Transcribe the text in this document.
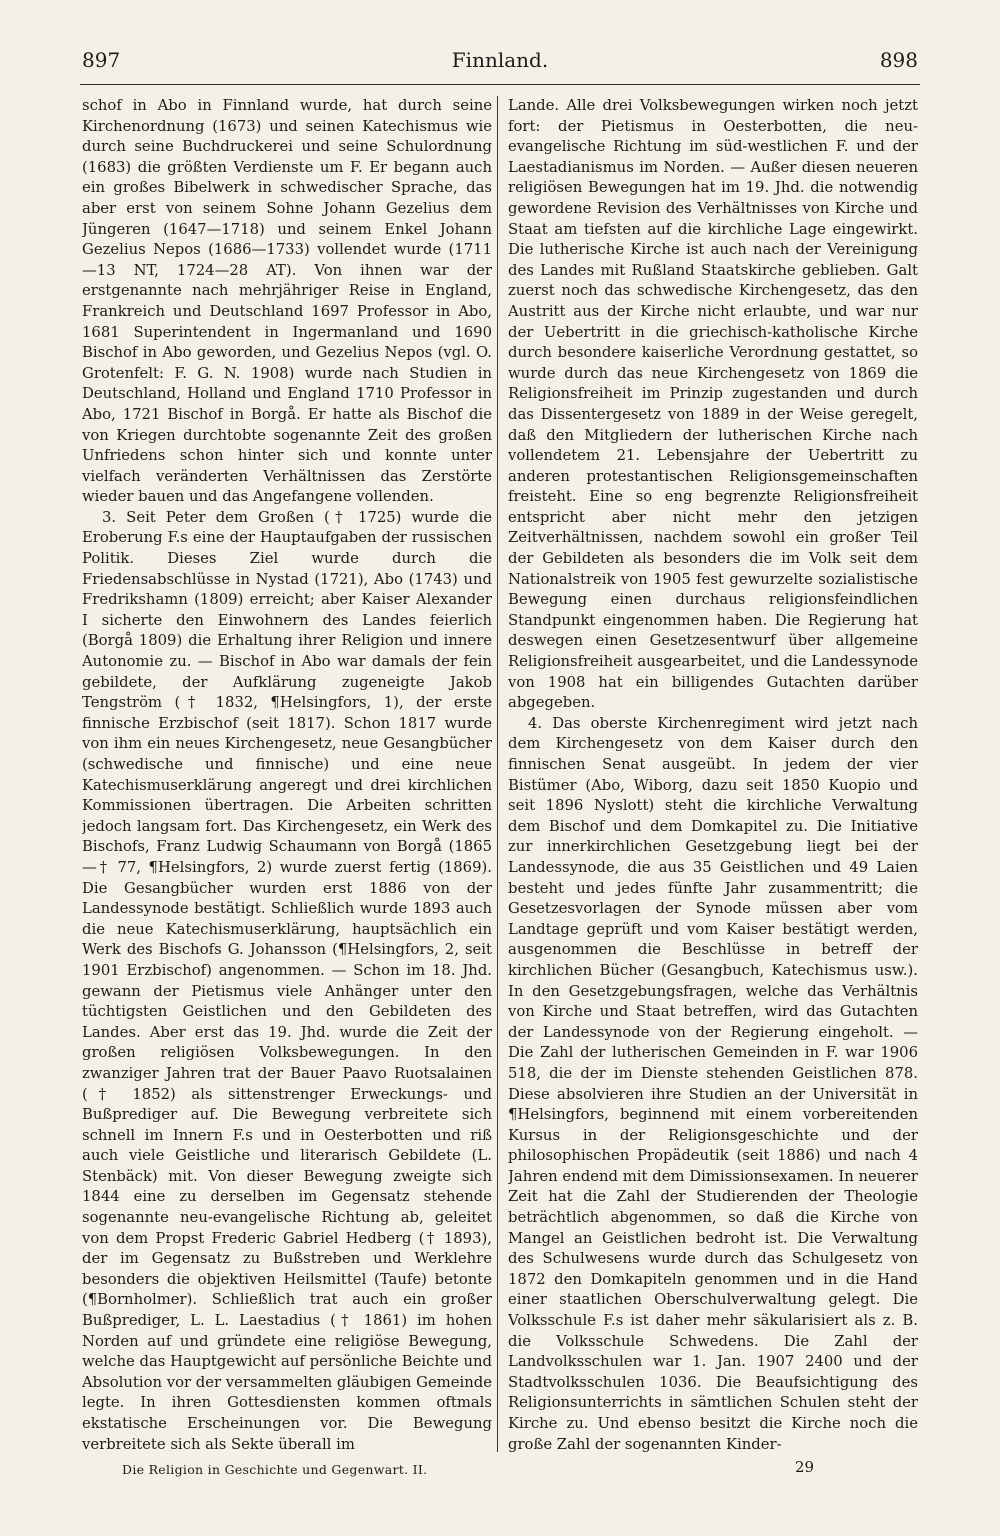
897	Finnland.	898

schof in Abo in Finnland wurde, hat durch seine Kirchenordnung (1673) und seinen Katechismus wie durch seine Buchdruckerei und seine Schulordnung (1683) die größten Verdienste um F. Er begann auch ein großes Bibelwerk in schwedischer Sprache, das aber erst von seinem Sohne Johann Gezelius dem Jüngeren (1647—1718) und seinem Enkel Johann Gezelius Nepos (1686—1733) vollendet wurde (1711—13 NT, 1724—28 AT). Von ihnen war der erstgenannte nach mehrjähriger Reise in England, Frankreich und Deutschland 1697 Professor in Abo, 1681 Superintendent in Ingermanland und 1690 Bischof in Abo geworden, und Gezelius Nepos (vgl. O. Grotenfelt: F. G. N. 1908) wurde nach Studien in Deutschland, Holland und England 1710 Professor in Abo, 1721 Bischof in Borgå. Er hatte als Bischof die von Kriegen durchtobte sogenannte Zeit des großen Unfriedens schon hinter sich und konnte unter vielfach veränderten Verhältnissen das Zerstörte wieder bauen und das Angefangene vollenden.

3. Seit Peter dem Großen († 1725) wurde die Eroberung F.s eine der Hauptaufgaben der russischen Politik. Dieses Ziel wurde durch die Friedensabschlüsse in Nystad (1721), Abo (1743) und Fredrikshamn (1809) erreicht; aber Kaiser Alexander I sicherte den Einwohnern des Landes feierlich (Borgå 1809) die Erhaltung ihrer Religion und innere Autonomie zu. — Bischof in Abo war damals der fein gebildete, der Aufklärung zugeneigte Jakob Tengström († 1832, ¶Helsingfors, 1), der erste finnische Erzbischof (seit 1817). Schon 1817 wurde von ihm ein neues Kirchengesetz, neue Gesangbücher (schwedische und finnische) und eine neue Katechismuserklärung angeregt und drei kirchlichen Kommissionen übertragen. Die Arbeiten schritten jedoch langsam fort. Das Kirchengesetz, ein Werk des Bischofs, Franz Ludwig Schaumann von Borgå (1865 —† 77, ¶Helsingfors, 2) wurde zuerst fertig (1869). Die Gesangbücher wurden erst 1886 von der Landessynode bestätigt. Schließlich wurde 1893 auch die neue Katechismuserklärung, hauptsächlich ein Werk des Bischofs G. Johansson (¶Helsingfors, 2, seit 1901 Erzbischof) angenommen. — Schon im 18. Jhd. gewann der Pietismus viele Anhänger unter den tüchtigsten Geistlichen und den Gebildeten des Landes. Aber erst das 19. Jhd. wurde die Zeit der großen religiösen Volksbewegungen. In den zwanziger Jahren trat der Bauer Paavo Ruotsalainen († 1852) als sittenstrenger Erweckungs- und Bußprediger auf. Die Bewegung verbreitete sich schnell im Innern F.s und in Oesterbotten und riß auch viele Geistliche und literarisch Gebildete (L. Stenbäck) mit. Von dieser Bewegung zweigte sich 1844 eine zu derselben im Gegensatz stehende sogenannte neu-evangelische Richtung ab, geleitet von dem Propst Frederic Gabriel Hedberg († 1893), der im Gegensatz zu Bußstreben und Werklehre besonders die objektiven Heilsmittel (Taufe) betonte (¶Bornholmer). Schließlich trat auch ein großer Bußprediger, L. L. Laestadius († 1861) im hohen Norden auf und gründete eine religiöse Bewegung, welche das Hauptgewicht auf persönliche Beichte und Absolution vor der versammelten gläubigen Gemeinde legte. In ihren Gottesdiensten kommen oftmals ekstatische Erscheinungen vor. Die Bewegung verbreitete sich als Sekte überall im

Lande. Alle drei Volksbewegungen wirken noch jetzt fort: der Pietismus in Oesterbotten, die neu-evangelische Richtung im süd-westlichen F. und der Laestadianismus im Norden. — Außer diesen neueren religiösen Bewegungen hat im 19. Jhd. die notwendig gewordene Revision des Verhältnisses von Kirche und Staat am tiefsten auf die kirchliche Lage eingewirkt. Die lutherische Kirche ist auch nach der Vereinigung des Landes mit Rußland Staatskirche geblieben. Galt zuerst noch das schwedische Kirchengesetz, das den Austritt aus der Kirche nicht erlaubte, und war nur der Uebertritt in die griechisch-katholische Kirche durch besondere kaiserliche Verordnung gestattet, so wurde durch das neue Kirchengesetz von 1869 die Religionsfreiheit im Prinzip zugestanden und durch das Dissentergesetz von 1889 in der Weise geregelt, daß den Mitgliedern der lutherischen Kirche nach vollendetem 21. Lebensjahre der Uebertritt zu anderen protestantischen Religionsgemeinschaften freisteht. Eine so eng begrenzte Religionsfreiheit entspricht aber nicht mehr den jetzigen Zeitverhältnissen, nachdem sowohl ein großer Teil der Gebildeten als besonders die im Volk seit dem Nationalstreik von 1905 fest gewurzelte sozialistische Bewegung einen durchaus religionsfeindlichen Standpunkt eingenommen haben. Die Regierung hat deswegen einen Gesetzesentwurf über allgemeine Religionsfreiheit ausgearbeitet, und die Landessynode von 1908 hat ein billigendes Gutachten darüber abgegeben.

4. Das oberste Kirchenregiment wird jetzt nach dem Kirchengesetz von dem Kaiser durch den finnischen Senat ausgeübt. In jedem der vier Bistümer (Abo, Wiborg, dazu seit 1850 Kuopio und seit 1896 Nyslott) steht die kirchliche Verwaltung dem Bischof und dem Domkapitel zu. Die Initiative zur innerkirchlichen Gesetzgebung liegt bei der Landessynode, die aus 35 Geistlichen und 49 Laien besteht und jedes fünfte Jahr zusammentritt; die Gesetzesvorlagen der Synode müssen aber vom Landtage geprüft und vom Kaiser bestätigt werden, ausgenommen die Beschlüsse in betreff der kirchlichen Bücher (Gesangbuch, Katechismus usw.). In den Gesetzgebungsfragen, welche das Verhältnis von Kirche und Staat betreffen, wird das Gutachten der Landessynode von der Regierung eingeholt. — Die Zahl der lutherischen Gemeinden in F. war 1906 518, die der im Dienste stehenden Geistlichen 878. Diese absolvieren ihre Studien an der Universität in ¶Helsingfors, beginnend mit einem vorbereitenden Kursus in der Religionsgeschichte und der philosophischen Propädeutik (seit 1886) und nach 4 Jahren endend mit dem Dimissionsexamen. In neuerer Zeit hat die Zahl der Studierenden der Theologie beträchtlich abgenommen, so daß die Kirche von Mangel an Geistlichen bedroht ist. Die Verwaltung des Schulwesens wurde durch das Schulgesetz von 1872 den Domkapiteln genommen und in die Hand einer staatlichen Oberschulverwaltung gelegt. Die Volksschule F.s ist daher mehr säkularisiert als z. B. die Volksschule Schwedens. Die Zahl der Landvolksschulen war 1. Jan. 1907 2400 und der Stadtvolksschulen 1036. Die Beaufsichtigung des Religionsunterrichts in sämtlichen Schulen steht der Kirche zu. Und ebenso besitzt die Kirche noch die große Zahl der sogenannten Kinder-

Die Religion in Geschichte und Gegenwart. II.	29
